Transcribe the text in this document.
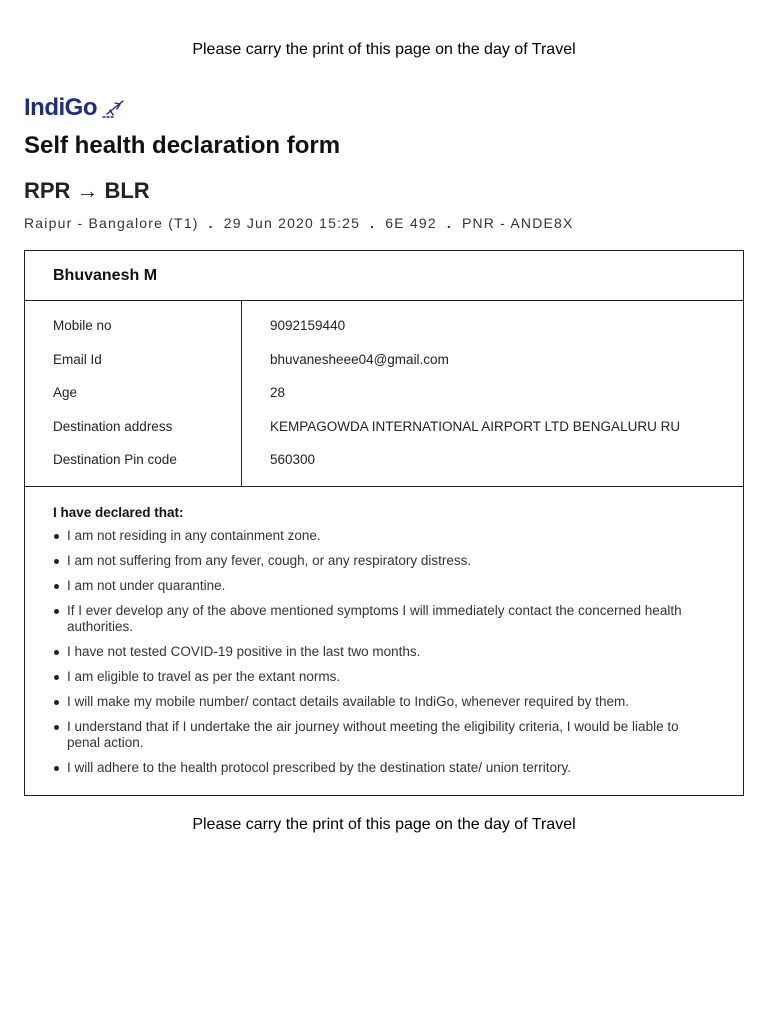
Please carry the print of this page on the day of Travel
IndiGo
Self health declaration form
RPR → BLR
Raipur - Bangalore (T1) . 29 Jun 2020 15:25 . 6E 492 . PNR - ANDE8X
Bhuvanesh M
Mobile no
Email Id
Age
Destination address
Destination Pin code
9092159440
bhuvanesheee04@gmail.com
28
KEMPAGOWDA INTERNATIONAL AIRPORT LTD BENGALURU RU
560300
I have declared that:
I am not residing in any containment zone.
I am not suffering from any fever, cough, or any respiratory distress.
I am not under quarantine.
If I ever develop any of the above mentioned symptoms I will immediately contact the concerned health authorities.
I have not tested COVID-19 positive in the last two months.
I am eligible to travel as per the extant norms.
I will make my mobile number/ contact details available to IndiGo, whenever required by them.
I understand that if I undertake the air journey without meeting the eligibility criteria, I would be liable to penal action.
I will adhere to the health protocol prescribed by the destination state/ union territory.
Please carry the print of this page on the day of Travel
